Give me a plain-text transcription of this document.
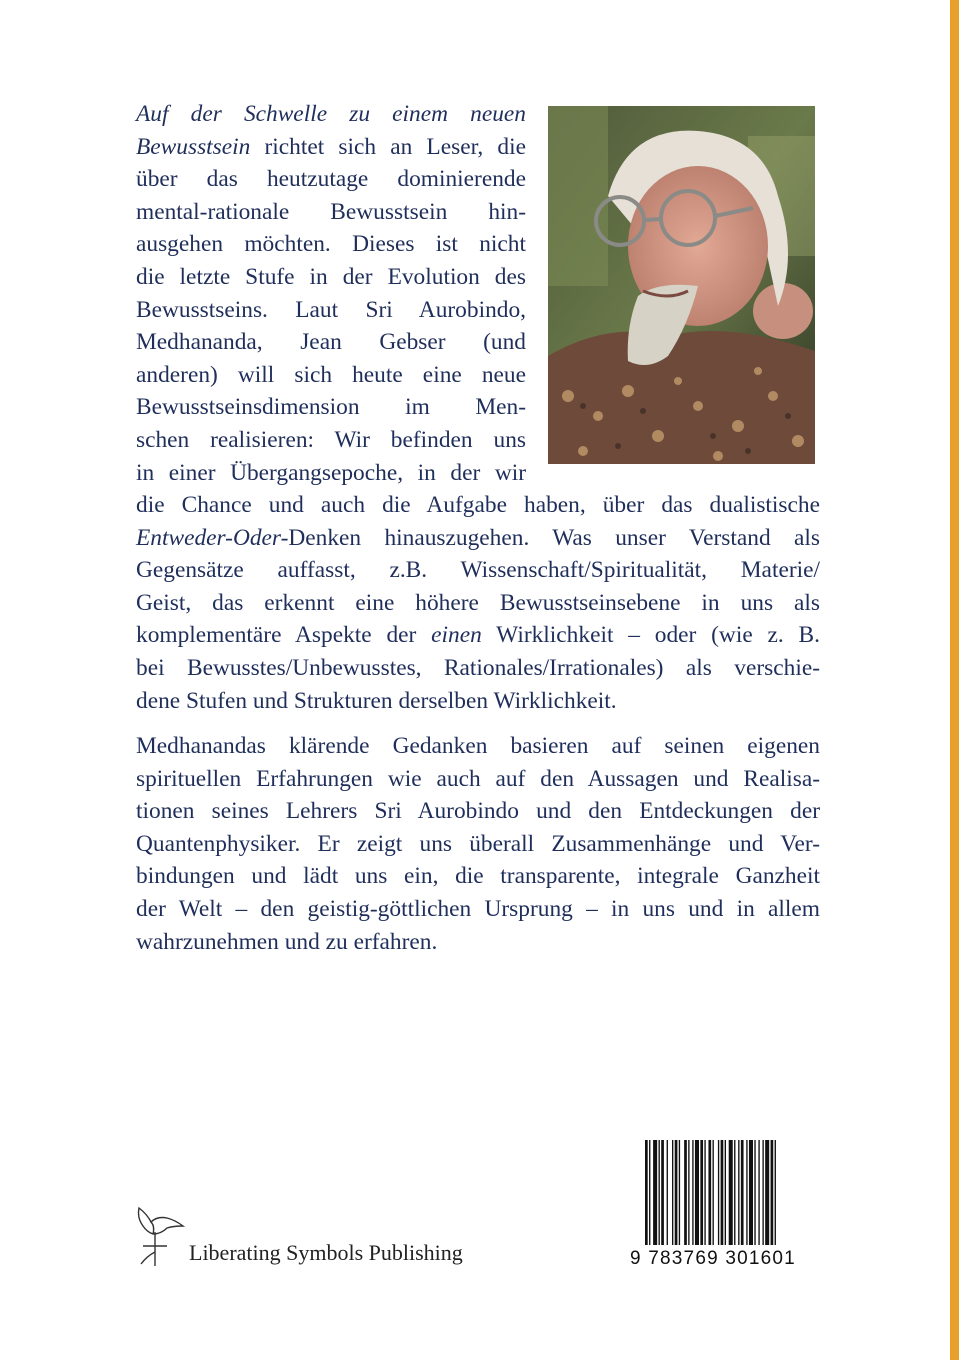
Auf der Schwelle zu einem neuen
Bewusstsein richtet sich an Leser, die
über das heutzutage dominierende
mental-rationale Bewusstsein hin-
ausgehen möchten. Dieses ist nicht
die letzte Stufe in der Evolution des
Bewusstseins. Laut Sri Aurobindo,
Medhananda, Jean Gebser (und
anderen) will sich heute eine neue
Bewusstseinsdimension im Men-
schen realisieren: Wir befinden uns
in einer Übergangsepoche, in der wir
die Chance und auch die Aufgabe haben, über das dualistische
Entweder-Oder-Denken hinauszugehen. Was unser Verstand als
Gegensätze auffasst, z.B. Wissenschaft/Spiritualität, Materie/
Geist, das erkennt eine höhere Bewusstseinsebene in uns als
komplementäre Aspekte der einen Wirklichkeit – oder (wie z. B.
bei Bewusstes/Unbewusstes, Rationales/Irrationales) als verschie-
dene Stufen und Strukturen derselben Wirklichkeit.
Medhanandas klärende Gedanken basieren auf seinen eigenen
spirituellen Erfahrungen wie auch auf den Aussagen und Realisa-
tionen seines Lehrers Sri Aurobindo und den Entdeckungen der
Quantenphysiker. Er zeigt uns überall Zusammenhänge und Ver-
bindungen und lädt uns ein, die transparente, integrale Ganzheit
der Welt – den geistig-göttlichen Ursprung – in uns und in allem
wahrzunehmen und zu erfahren.
Liberating Symbols Publishing	9 783769 301601
